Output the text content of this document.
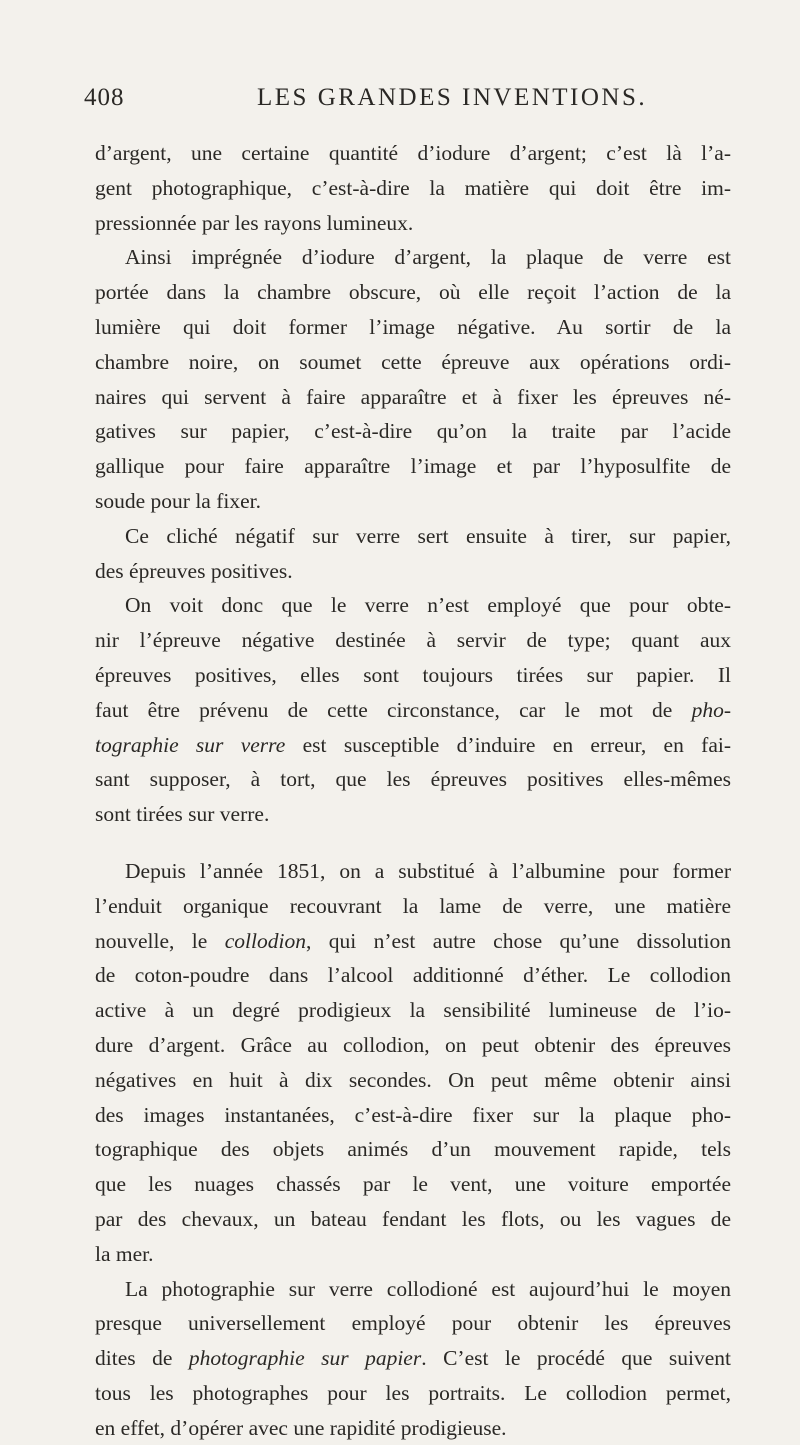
408	LES GRANDES INVENTIONS.
d’argent, une certaine quantité d’iodure d’argent; c’est là l’a-
gent photographique, c’est-à-dire la matière qui doit être im-
pressionnée par les rayons lumineux.
Ainsi imprégnée d’iodure d’argent, la plaque de verre est
portée dans la chambre obscure, où elle reçoit l’action de la
lumière qui doit former l’image négative. Au sortir de la
chambre noire, on soumet cette épreuve aux opérations ordi-
naires qui servent à faire apparaître et à fixer les épreuves né-
gatives sur papier, c’est-à-dire qu’on la traite par l’acide
gallique pour faire apparaître l’image et par l’hyposulfite de
soude pour la fixer.
Ce cliché négatif sur verre sert ensuite à tirer, sur papier,
des épreuves positives.
On voit donc que le verre n’est employé que pour obte-
nir l’épreuve négative destinée à servir de type; quant aux
épreuves positives, elles sont toujours tirées sur papier. Il
faut être prévenu de cette circonstance, car le mot de pho-
tographie sur verre est susceptible d’induire en erreur, en fai-
sant supposer, à tort, que les épreuves positives elles-mêmes
sont tirées sur verre.
Depuis l’année 1851, on a substitué à l’albumine pour former
l’enduit organique recouvrant la lame de verre, une matière
nouvelle, le collodion, qui n’est autre chose qu’une dissolution
de coton-poudre dans l’alcool additionné d’éther. Le collodion
active à un degré prodigieux la sensibilité lumineuse de l’io-
dure d’argent. Grâce au collodion, on peut obtenir des épreuves
négatives en huit à dix secondes. On peut même obtenir ainsi
des images instantanées, c’est-à-dire fixer sur la plaque pho-
tographique des objets animés d’un mouvement rapide, tels
que les nuages chassés par le vent, une voiture emportée
par des chevaux, un bateau fendant les flots, ou les vagues de
la mer.
La photographie sur verre collodioné est aujourd’hui le moyen
presque universellement employé pour obtenir les épreuves
dites de photographie sur papier. C’est le procédé que suivent
tous les photographes pour les portraits. Le collodion permet,
en effet, d’opérer avec une rapidité prodigieuse.
